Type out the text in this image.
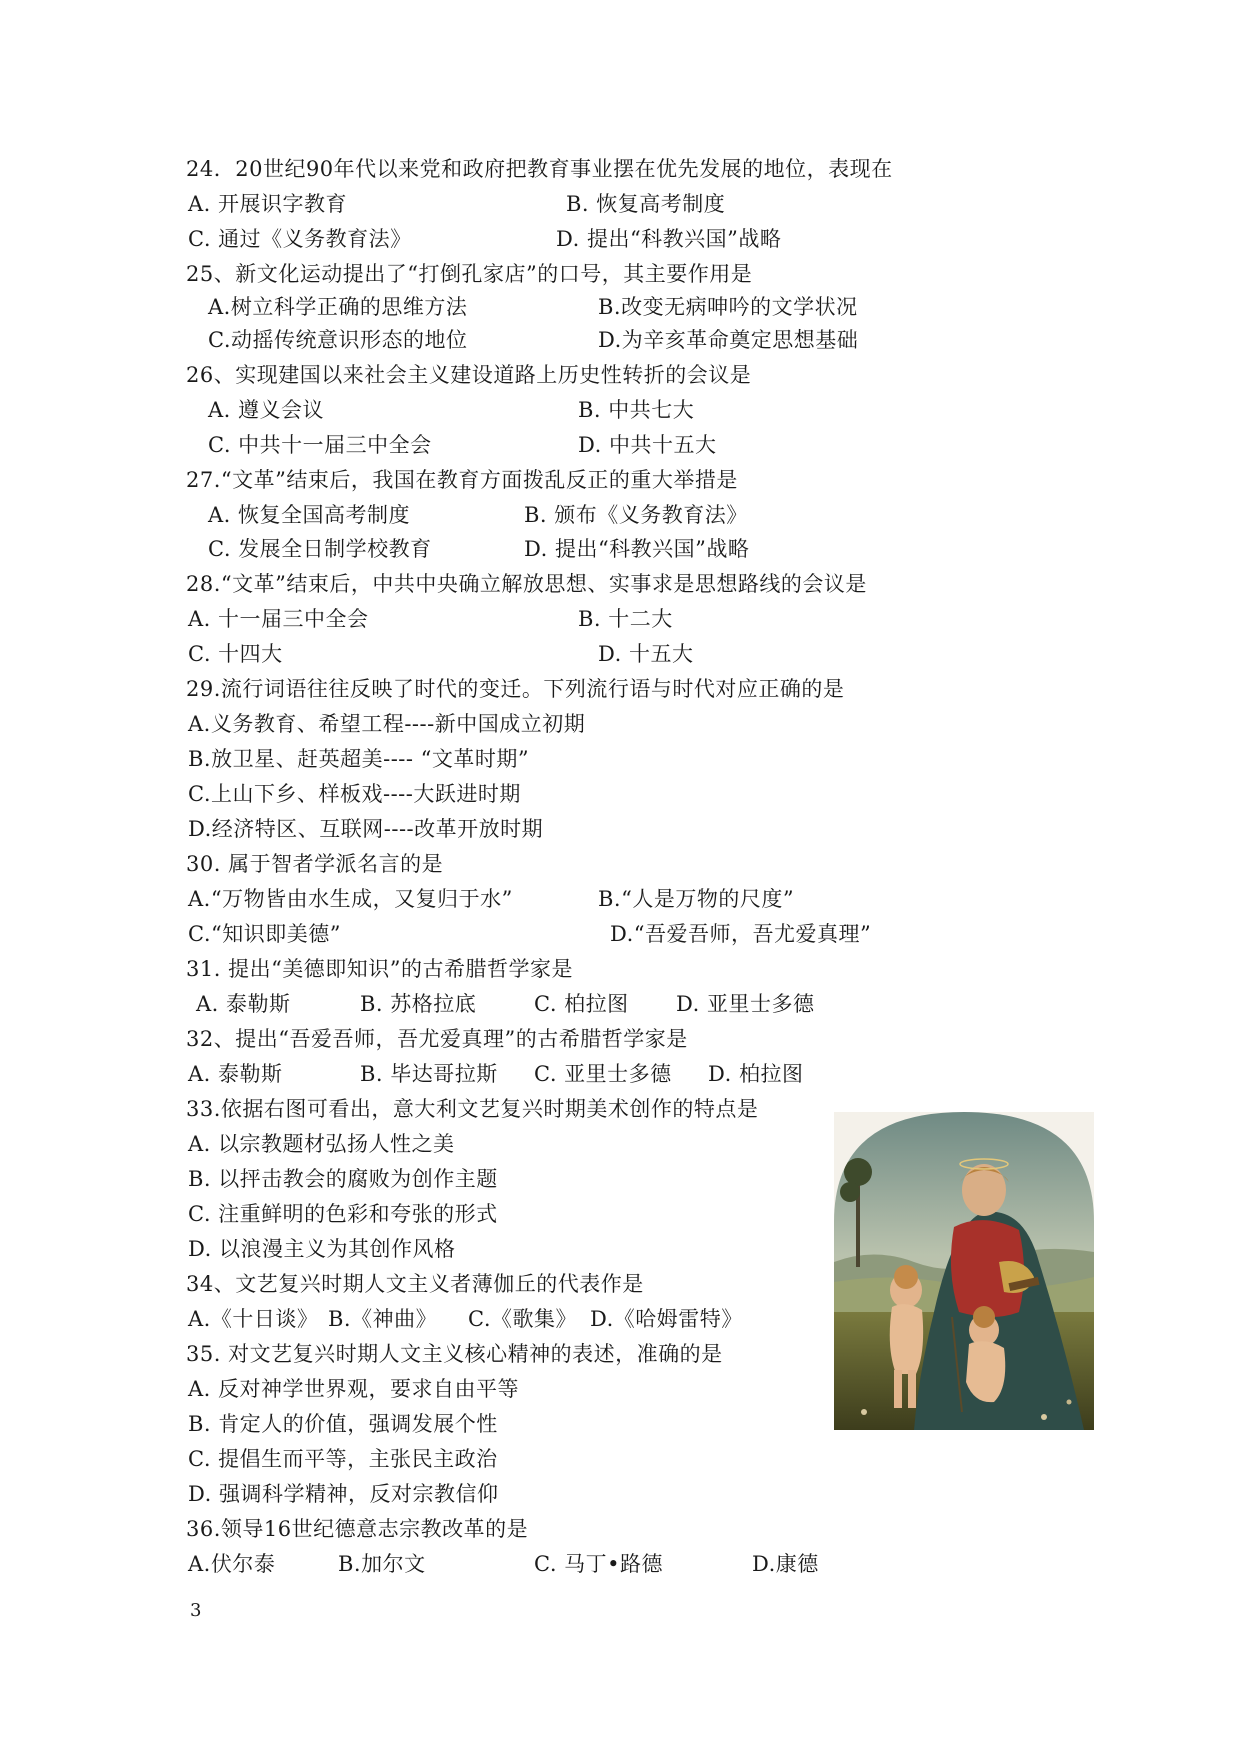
24．20世纪90年代以来党和政府把教育事业摆在优先发展的地位，表现在
A. 开展识字教育	B. 恢复高考制度
C. 通过《义务教育法》	D. 提出“科教兴国”战略
25、新文化运动提出了“打倒孔家店”的口号，其主要作用是
A.树立科学正确的思维方法	B.改变无病呻吟的文学状况
C.动摇传统意识形态的地位	D.为辛亥革命奠定思想基础
26、实现建国以来社会主义建设道路上历史性转折的会议是
A. 遵义会议	B. 中共七大
C. 中共十一届三中全会	D. 中共十五大
27.“文革”结束后，我国在教育方面拨乱反正的重大举措是
A. 恢复全国高考制度	B. 颁布《义务教育法》
C. 发展全日制学校教育	D. 提出“科教兴国”战略
28.“文革”结束后，中共中央确立解放思想、实事求是思想路线的会议是
A. 十一届三中全会	B. 十二大
C. 十四大	D. 十五大
29.流行词语往往反映了时代的变迁。下列流行语与时代对应正确的是
A.义务教育、希望工程----新中国成立初期
B.放卫星、赶英超美---- “文革时期”
C.上山下乡、样板戏----大跃进时期
D.经济特区、互联网----改革开放时期
30. 属于智者学派名言的是
A.“万物皆由水生成，又复归于水”	B.“人是万物的尺度”
C.“知识即美德”	D.“吾爱吾师，吾尤爱真理”
31. 提出“美德即知识”的古希腊哲学家是
A. 泰勒斯	B. 苏格拉底	C. 柏拉图 D. 亚里士多德
32、提出“吾爱吾师，吾尤爱真理”的古希腊哲学家是
A. 泰勒斯	B. 毕达哥拉斯 C. 亚里士多德 D. 柏拉图
33.依据右图可看出，意大利文艺复兴时期美术创作的特点是
A. 以宗教题材弘扬人性之美
B. 以抨击教会的腐败为创作主题
C. 注重鲜明的色彩和夸张的形式
D. 以浪漫主义为其创作风格
34、文艺复兴时期人文主义者薄伽丘的代表作是
A.《十日谈》 B.《神曲》 C.《歌集》 D.《哈姆雷特》
35. 对文艺复兴时期人文主义核心精神的表述，准确的是
A. 反对神学世界观，要求自由平等
B. 肯定人的价值，强调发展个性
C. 提倡生而平等，主张民主政治
D. 强调科学精神，反对宗教信仰
36.领导16世纪德意志宗教改革的是
A.伏尔泰	B.加尔文	C. 马丁•路德	D.康德
3
